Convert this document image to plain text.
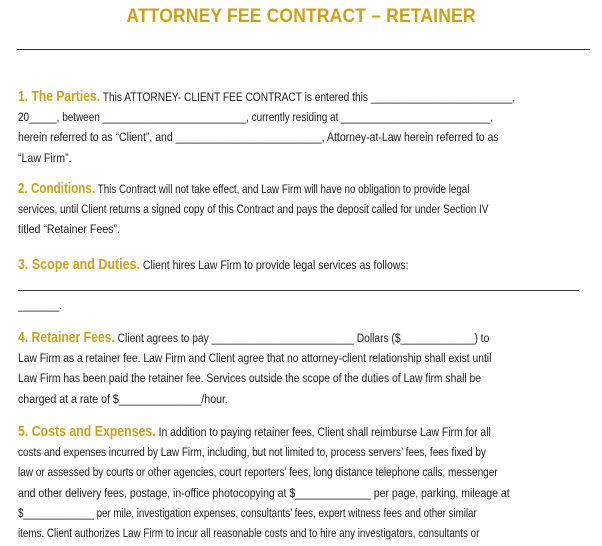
ATTORNEY FEE CONTRACT – RETAINER
1. The Parties. This ATTORNEY- CLIENT FEE CONTRACT is entered this _________________________,
20_____, between __________________________, currently residing at ___________________________,
herein referred to as “Client”, and _________________________, Attorney-at-Law herein referred to as
“Law Firm”.
2. Conditions. This Contract will not take effect, and Law Firm will have no obligation to provide legal
services, until Client returns a signed copy of this Contract and pays the deposit called for under Section IV
titled “Retainer Fees”.
3. Scope and Duties. Client hires Law Firm to provide legal services as follows:
_______.
4. Retainer Fees. Client agrees to pay _________________________ Dollars ($_____________) to
Law Firm as a retainer fee. Law Firm and Client agree that no attorney-client relationship shall exist until
Law Firm has been paid the retainer fee. Services outside the scope of the duties of Law firm shall be
charged at a rate of $______________/hour.
5. Costs and Expenses. In addition to paying retainer fees, Client shall reimburse Law Firm for all
costs and expenses incurred by Law Firm, including, but not limited to, process servers’ fees, fees fixed by
law or assessed by courts or other agencies, court reporters’ fees, long distance telephone calls, messenger
and other delivery fees, postage, in-office photocopying at $_____________ per page, parking, mileage at
$_____________ per mile, investigation expenses, consultants’ fees, expert witness fees and other similar
items. Client authorizes Law Firm to incur all reasonable costs and to hire any investigators, consultants or
